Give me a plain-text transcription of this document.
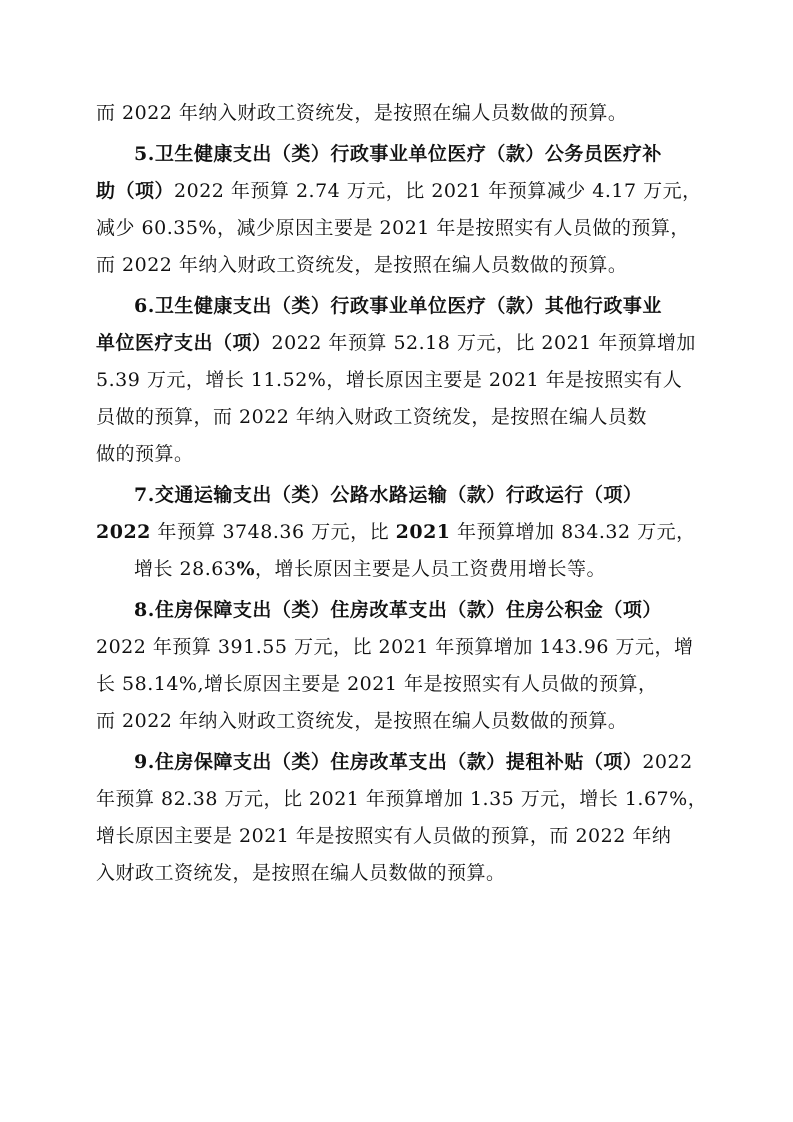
而 2022 年纳入财政工资统发，是按照在编人员数做的预算。
5.卫生健康支出（类）行政事业单位医疗（款）公务员医疗补
助（项）2022 年预算 2.74 万元，比 2021 年预算减少 4.17 万元，
减少 60.35%，减少原因主要是 2021 年是按照实有人员做的预算，
而 2022 年纳入财政工资统发，是按照在编人员数做的预算。
6.卫生健康支出（类）行政事业单位医疗（款）其他行政事业
单位医疗支出（项）2022 年预算 52.18 万元，比 2021 年预算增加
5.39 万元，增长 11.52%，增长原因主要是 2021 年是按照实有人
员做的预算，而 2022 年纳入财政工资统发，是按照在编人员数
做的预算。
7.交通运输支出（类）公路水路运输（款）行政运行（项）
2022 年预算 3748.36 万元，比 2021 年预算增加 834.32 万元，
增长 28.63%，增长原因主要是人员工资费用增长等。
8.住房保障支出（类）住房改革支出（款）住房公积金（项）
2022 年预算 391.55 万元，比 2021 年预算增加 143.96 万元，增
长 58.14%,增长原因主要是 2021 年是按照实有人员做的预算，
而 2022 年纳入财政工资统发，是按照在编人员数做的预算。
9.住房保障支出（类）住房改革支出（款）提租补贴（项）2022
年预算 82.38 万元，比 2021 年预算增加 1.35 万元，增长 1.67%，
增长原因主要是 2021 年是按照实有人员做的预算，而 2022 年纳
入财政工资统发，是按照在编人员数做的预算。
